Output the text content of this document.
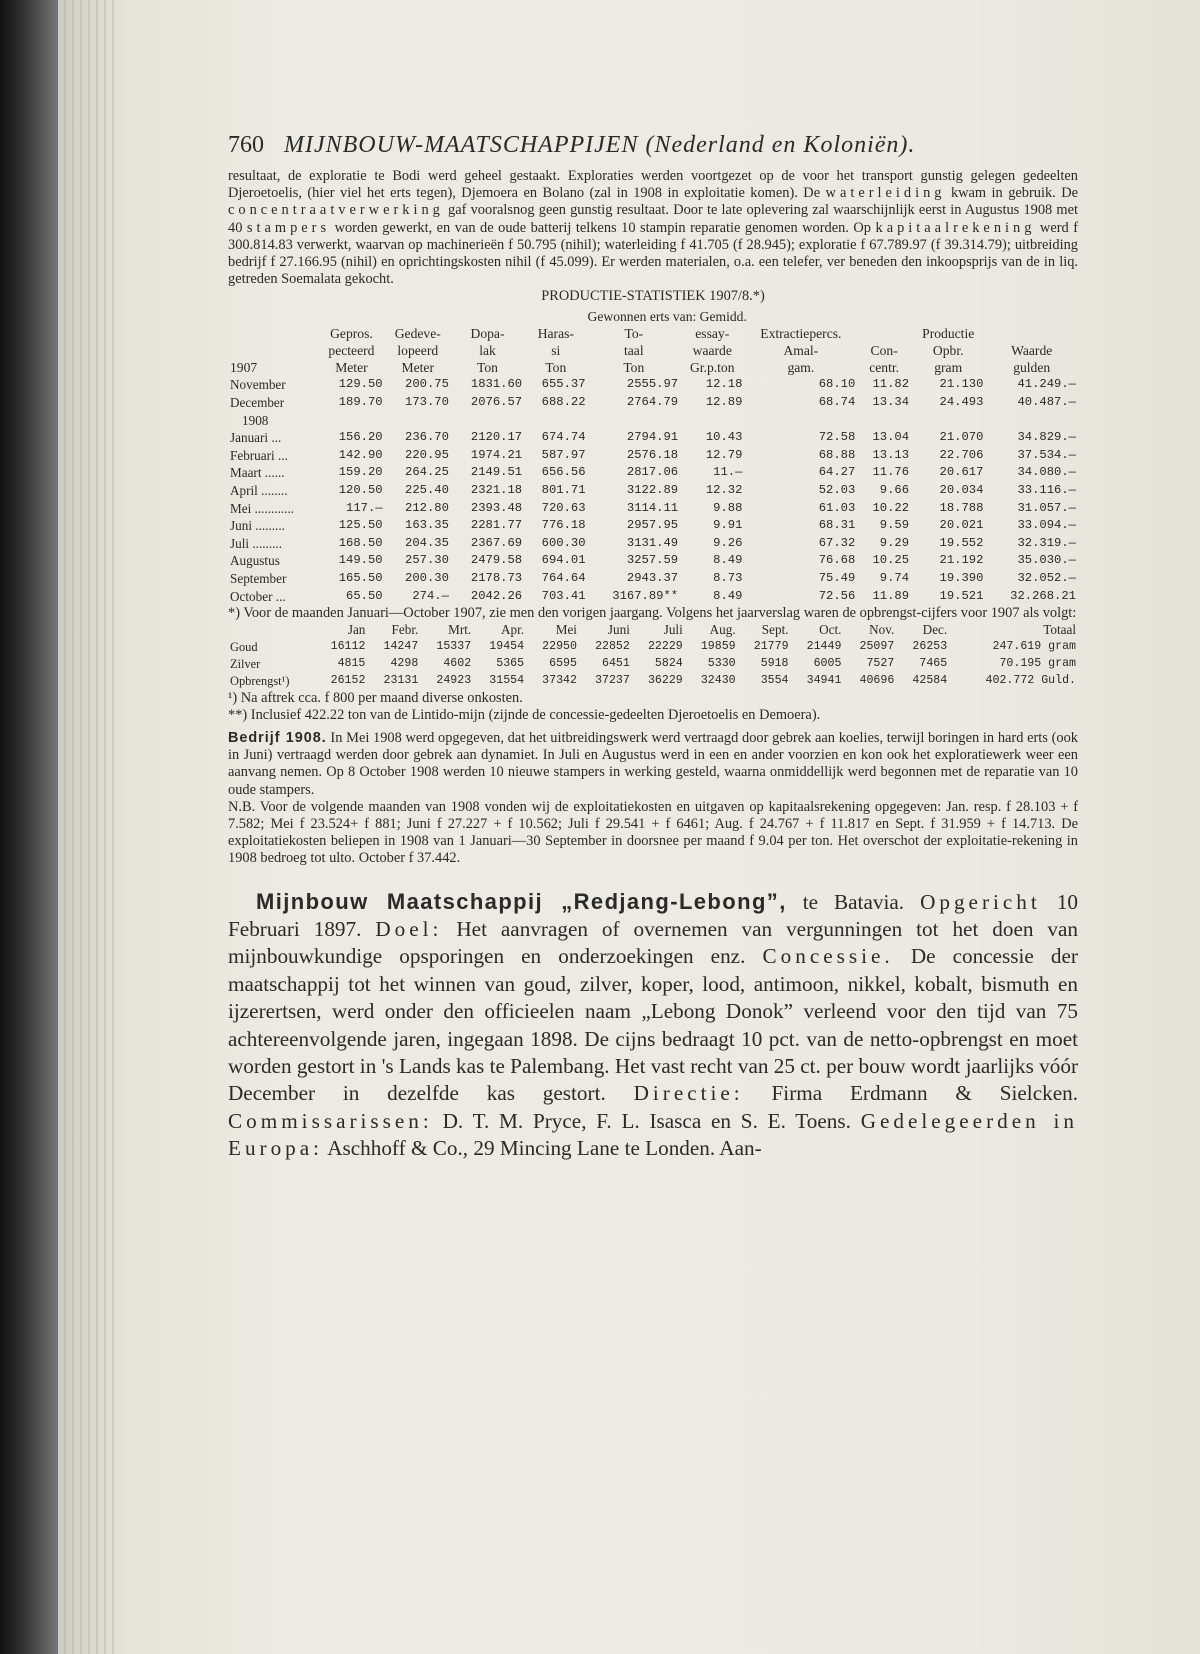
760 MIJNBOUW-MAATSCHAPPIJEN (Nederland en Koloniën).

resultaat, de exploratie te Bodi werd geheel gestaakt. Exploraties werden voortgezet op de voor het transport gunstig gelegen gedeelten Djeroetoelis, (hier viel het erts tegen), Djemoera en Bolano (zal in 1908 in exploitatie komen). De waterleiding kwam in gebruik. De concentraatverwerking gaf vooralsnog geen gunstig resultaat. Door te late oplevering zal waarschijnlijk eerst in Augustus 1908 met 40 stampers worden gewerkt, en van de oude batterij telkens 10 stampin reparatie genomen worden. Op kapitaalrekening werd f 300.814.83 verwerkt, waarvan op machinerieën f 50.795 (nihil); waterleiding f 41.705 (f 28.945); exploratie f 67.789.97 (f 39.314.79); uitbreiding bedrijf f 27.166.95 (nihil) en oprichtingskosten nihil (f 45.099). Er werden materialen, o.a. een telefer, ver beneden den inkoopsprijs van de in liq. getreden Soemalata gekocht.

PRODUCTIE-STATISTIEK 1907/8.*)
					Gewonnen erts van: Gemidd.					
	Gepros.	Gedeve-	Dopa-	Haras-	To-	essay-	Extractiepercs.		Productie	
	pecteerd	lopeerd	lak	si	taal	waarde	Amal-	Con-	Opbr.	Waarde
1907	Meter	Meter	Ton	Ton	Ton	Gr.p.ton	gam.	centr.	gram	gulden
November	129.50	200.75	1831.60	655.37	2555.97	12.18	68.10	11.82	21.130	41.249.—
December	189.70	173.70	2076.57	688.22	2764.79	12.89	68.74	13.34	24.493	40.487.—
1908										
Januari ...	156.20	236.70	2120.17	674.74	2794.91	10.43	72.58	13.04	21.070	34.829.—
Februari ...	142.90	220.95	1974.21	587.97	2576.18	12.79	68.88	13.13	22.706	37.534.—
Maart ......	159.20	264.25	2149.51	656.56	2817.06	11.—	64.27	11.76	20.617	34.080.—
April ........	120.50	225.40	2321.18	801.71	3122.89	12.32	52.03	9.66	20.034	33.116.—
Mei ............	117.—	212.80	2393.48	720.63	3114.11	9.88	61.03	10.22	18.788	31.057.—
Juni .........	125.50	163.35	2281.77	776.18	2957.95	9.91	68.31	9.59	20.021	33.094.—
Juli .........	168.50	204.35	2367.69	600.30	3131.49	9.26	67.32	9.29	19.552	32.319.—
Augustus	149.50	257.30	2479.58	694.01	3257.59	8.49	76.68	10.25	21.192	35.030.—
September	165.50	200.30	2178.73	764.64	2943.37	8.73	75.49	9.74	19.390	32.052.—
October ...	65.50	274.—	2042.26	703.41	3167.89**	8.49	72.56	11.89	19.521	32.268.21

*) Voor de maanden Januari—October 1907, zie men den vorigen jaargang. Volgens het jaarverslag waren de opbrengst-cijfers voor 1907 als volgt:

	Jan	Febr.	Mrt.	Apr.	Mei	Juni	Juli	Aug.	Sept.	Oct.	Nov.	Dec.	Totaal
Goud	16112	14247	15337	19454	22950	22852	22229	19859	21779	21449	25097	26253	247.619 gram
Zilver	4815	4298	4602	5365	6595	6451	5824	5330	5918	6005	7527	7465	70.195 gram
Opbrengst¹)	26152	23131	24923	31554	37342	37237	36229	32430	3554	34941	40696	42584	402.772 Guld.

¹) Na aftrek cca. f 800 per maand diverse onkosten.

**) Inclusief 422.22 ton van de Lintido-mijn (zijnde de concessie-gedeelten Djeroetoelis en Demoera).

Bedrijf 1908. In Mei 1908 werd opgegeven, dat het uitbreidingswerk werd vertraagd door gebrek aan koelies, terwijl boringen in hard erts (ook in Juni) vertraagd werden door gebrek aan dynamiet. In Juli en Augustus werd in een en ander voorzien en kon ook het exploratiewerk weer een aanvang nemen. Op 8 October 1908 werden 10 nieuwe stampers in werking gesteld, waarna onmiddellijk werd begonnen met de reparatie van 10 oude stampers.

N.B. Voor de volgende maanden van 1908 vonden wij de exploitatiekosten en uitgaven op kapitaalsrekening opgegeven: Jan. resp. f 28.103 + f 7.582; Mei f 23.524+ f 881; Juni f 27.227 + f 10.562; Juli f 29.541 + f 6461; Aug. f 24.767 + f 11.817 en Sept. f 31.959 + f 14.713. De exploitatiekosten beliepen in 1908 van 1 Januari—30 September in doorsnee per maand f 9.04 per ton. Het overschot der exploitatie-rekening in 1908 bedroeg tot ulto. October f 37.442.

Mijnbouw Maatschappij „Redjang-Lebong”, te Batavia. Opgericht 10 Februari 1897. Doel: Het aanvragen of overnemen van vergunningen tot het doen van mijnbouwkundige opsporingen en onderzoekingen enz. Concessie. De concessie der maatschappij tot het winnen van goud, zilver, koper, lood, antimoon, nikkel, kobalt, bismuth en ijzerertsen, werd onder den officieelen naam „Lebong Donok” verleend voor den tijd van 75 achtereenvolgende jaren, ingegaan 1898. De cijns bedraagt 10 pct. van de netto-opbrengst en moet worden gestort in 's Lands kas te Palembang. Het vast recht van 25 ct. per bouw wordt jaarlijks vóór December in dezelfde kas gestort. Directie: Firma Erdmann & Sielcken. Commissarissen: D. T. M. Pryce, F. L. Isasca en S. E. Toens. Gedelegeerden in Europa: Aschhoff & Co., 29 Mincing Lane te Londen. Aan-
